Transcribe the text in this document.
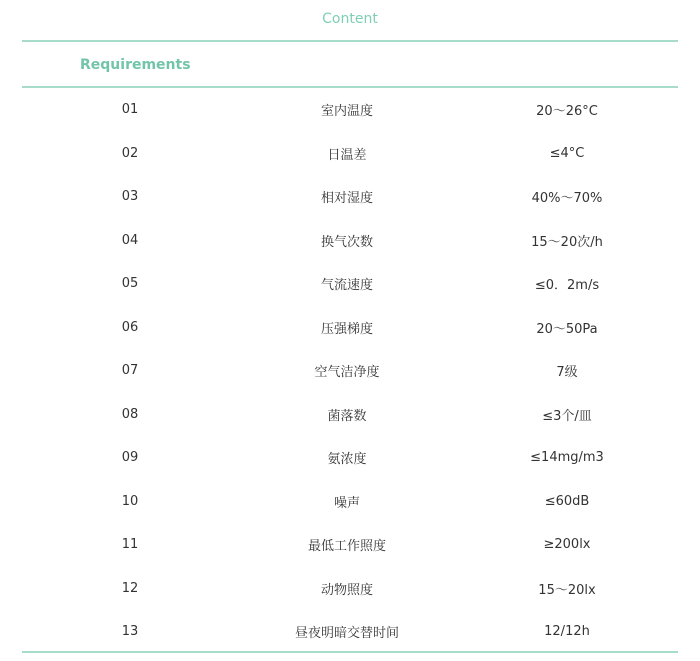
Content
Requirements
01	室内温度	20～26°C
02	日温差	≤4°C
03	相对湿度	40%～70%
04	换气次数	15～20次/h
05	气流速度	≤0．2m/s
06	压强梯度	20～50Pa
07	空气洁净度	7级
08	菌落数	≤3个/皿
09	氨浓度	≤14mg/m3
10	噪声	≤60dB
11	最低工作照度	≥200lx
12	动物照度	15～20lx
13	昼夜明暗交替时间	12/12h
